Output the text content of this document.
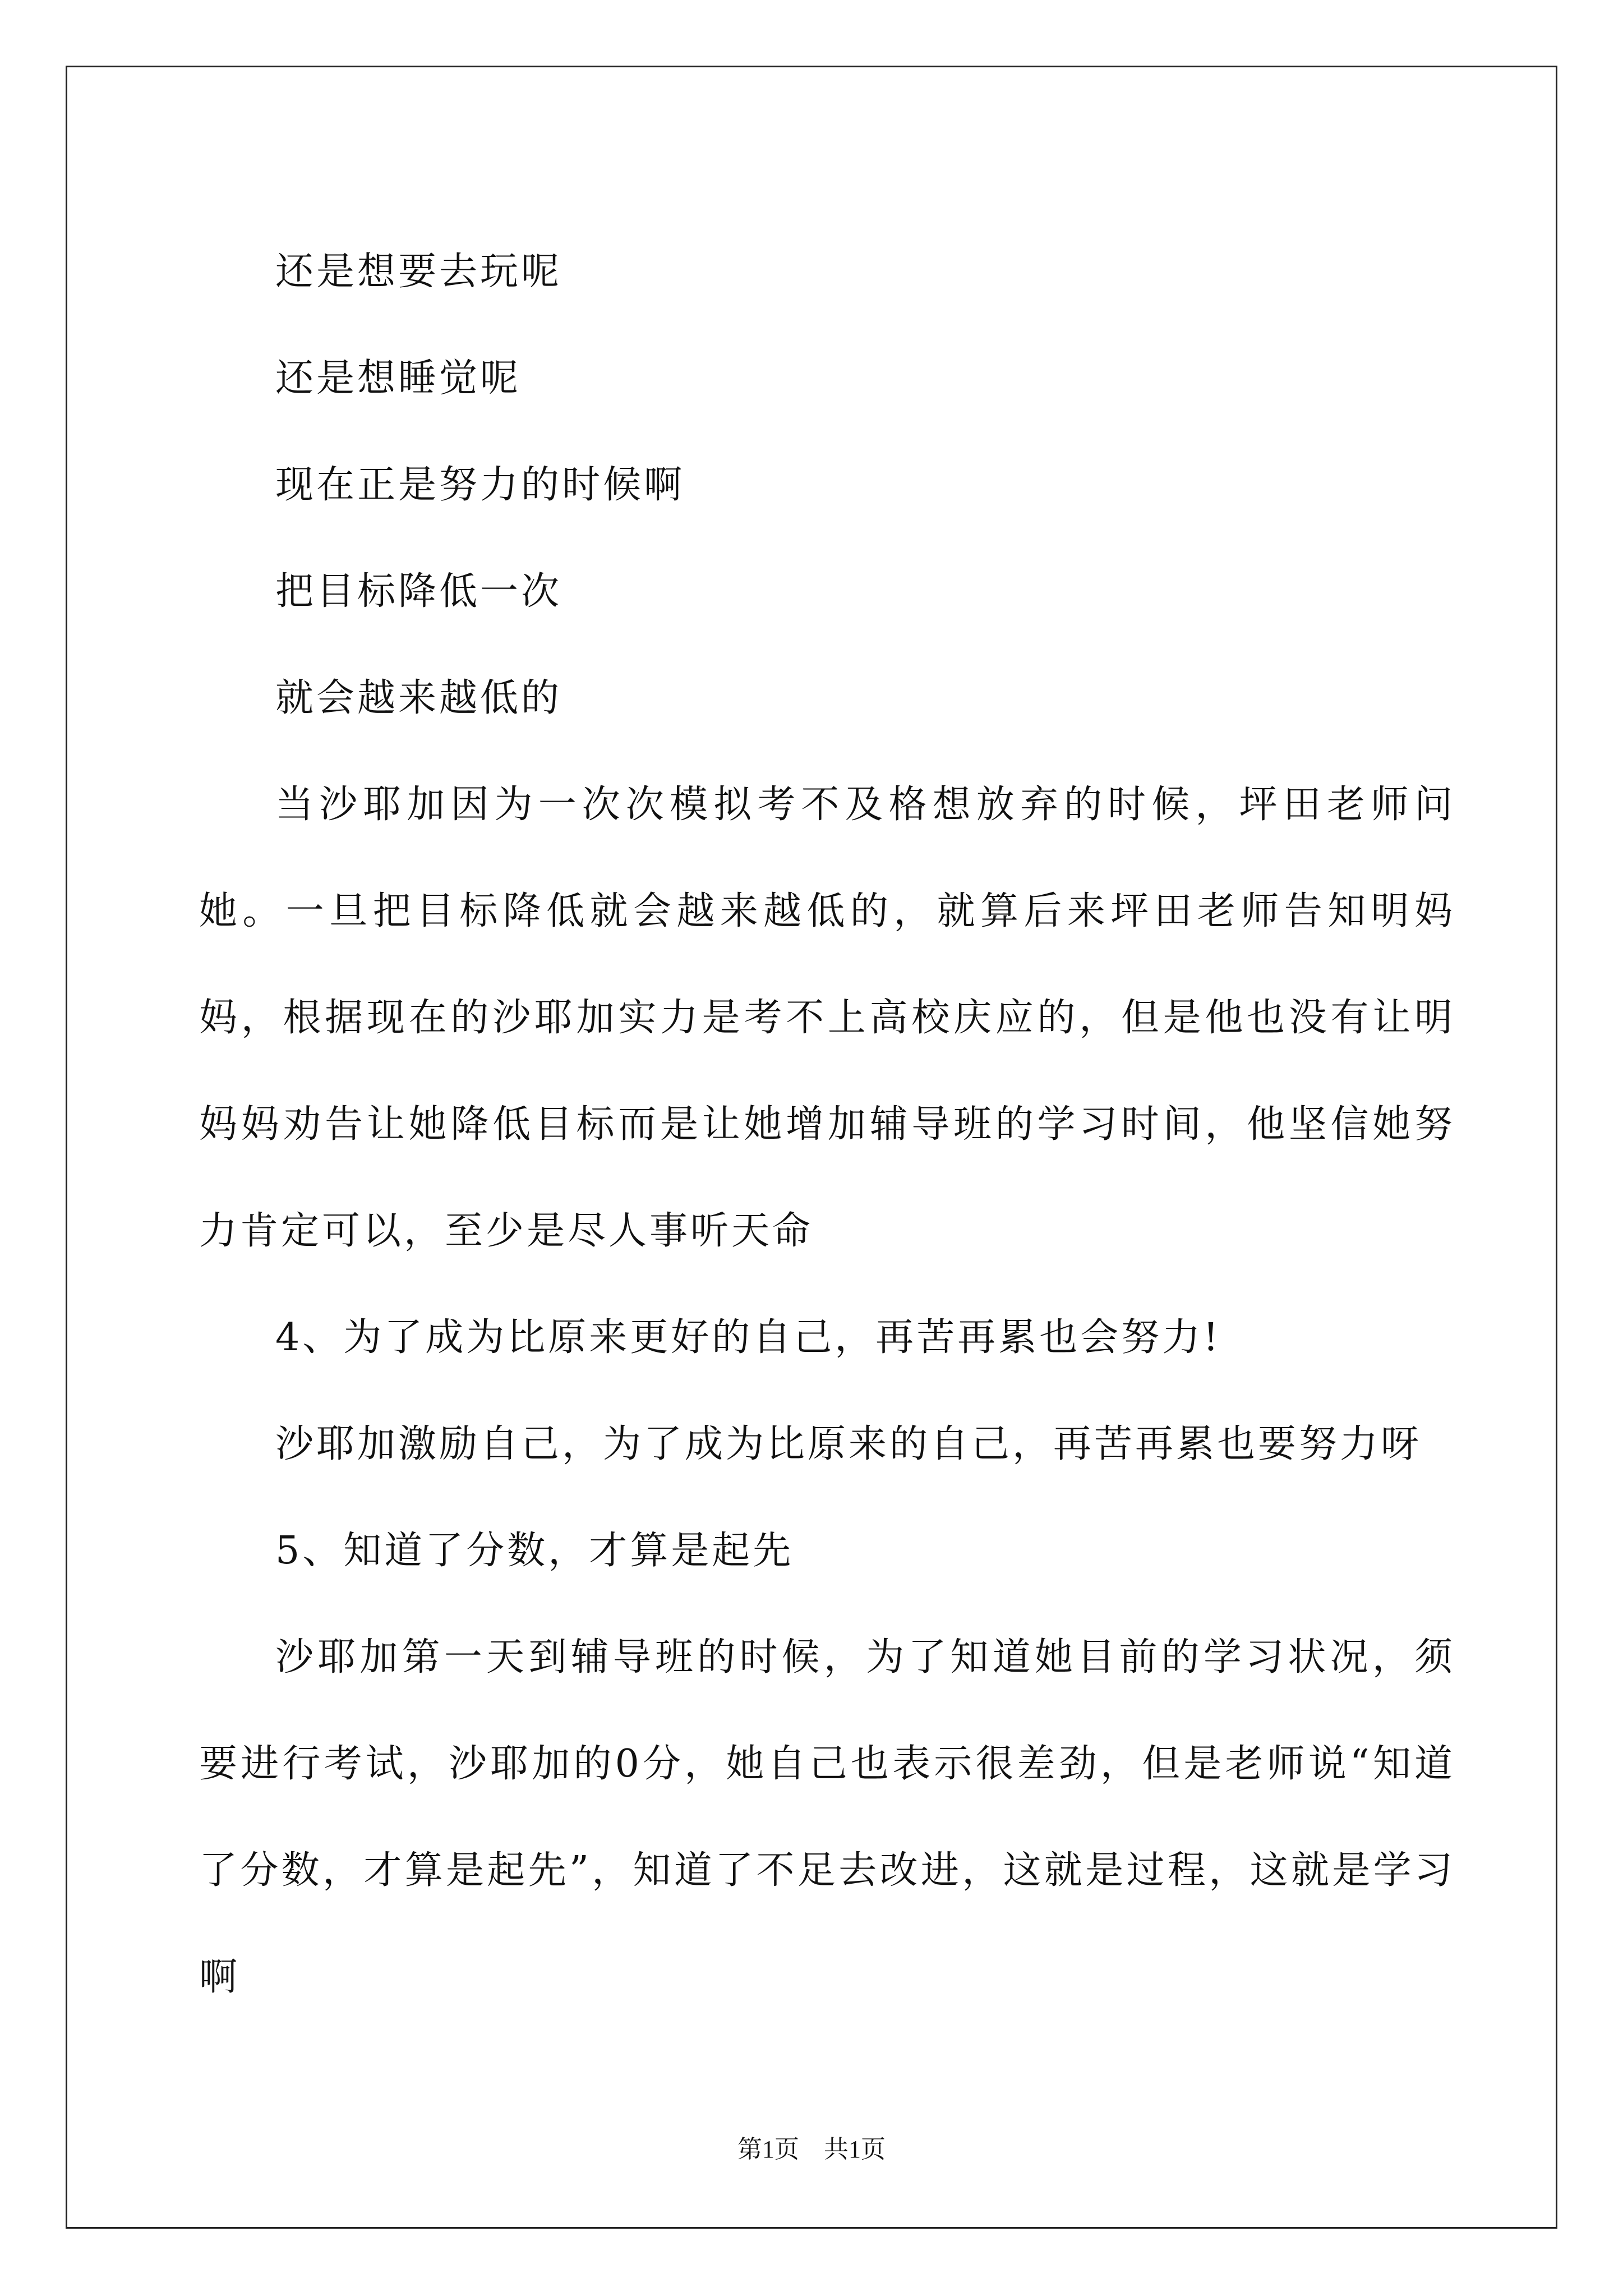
还是想要去玩呢

还是想睡觉呢

现在正是努力的时候啊

把目标降低一次

就会越来越低的

当沙耶加因为一次次模拟考不及格想放弃的时候，坪田老师问她。一旦把目标降低就会越来越低的，就算后来坪田老师告知明妈妈，根据现在的沙耶加实力是考不上高校庆应的，但是他也没有让明妈妈劝告让她降低目标而是让她增加辅导班的学习时间，他坚信她努力肯定可以，至少是尽人事听天命

4、为了成为比原来更好的自己，再苦再累也会努力!

沙耶加激励自己，为了成为比原来的自己，再苦再累也要努力呀

5、知道了分数，才算是起先

沙耶加第一天到辅导班的时候，为了知道她目前的学习状况，须要进行考试，沙耶加的0分，她自己也表示很差劲，但是老师说“知道了分数，才算是起先”，知道了不足去改进，这就是过程，这就是学习啊

第1页　共1页
